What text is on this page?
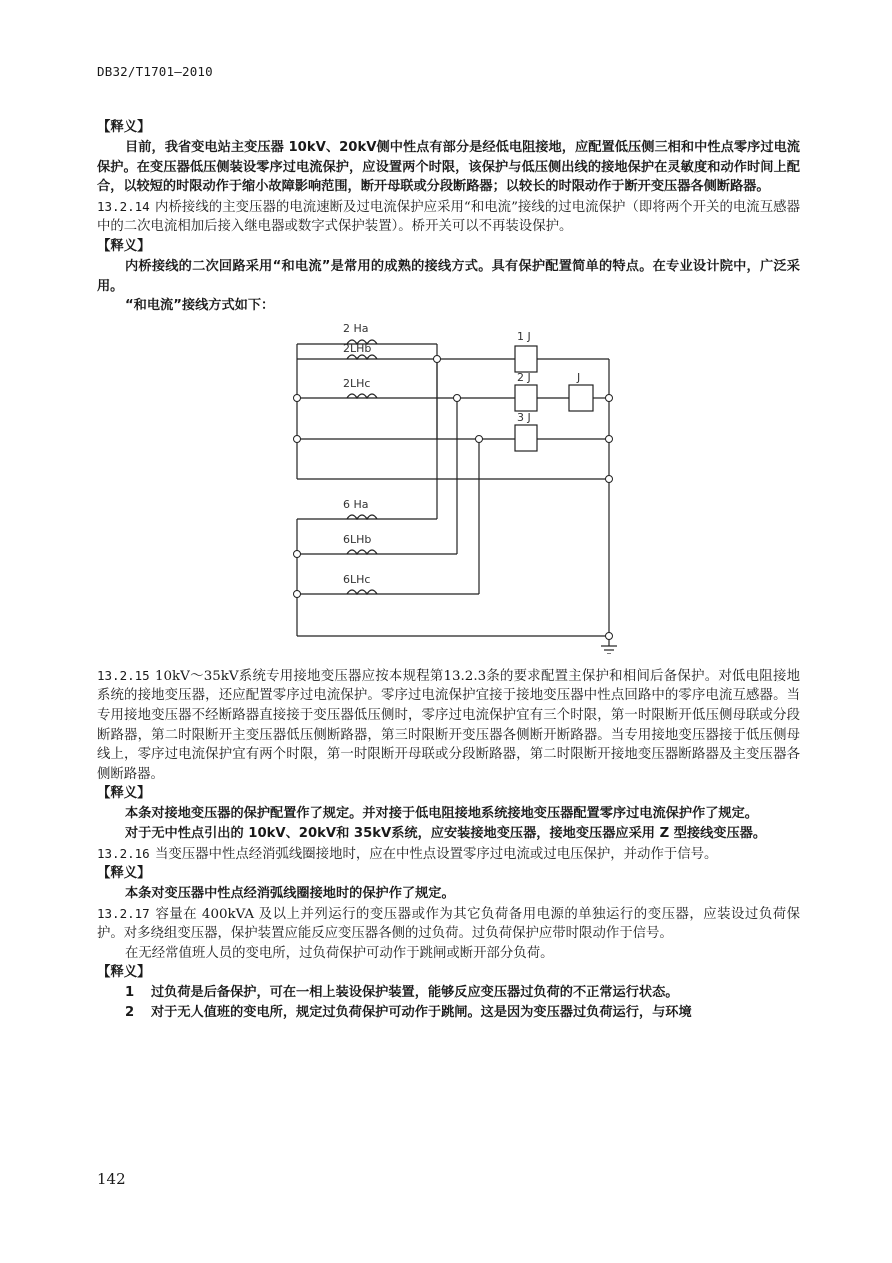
DB32/T1701—2010

【释义】

目前，我省变电站主变压器 10kV、20kV侧中性点有部分是经低电阻接地，应配置低压侧三相和中性点零序过电流保护。在变压器低压侧装设零序过电流保护，应设置两个时限，该保护与低压侧出线的接地保护在灵敏度和动作时间上配合，以较短的时限动作于缩小故障影响范围，断开母联或分段断路器；以较长的时限动作于断开变压器各侧断路器。

13.2.14 内桥接线的主变压器的电流速断及过电流保护应采用“和电流”接线的过电流保护（即将两个开关的电流互感器中的二次电流相加后接入继电器或数字式保护装置）。桥开关可以不再装设保护。

【释义】

内桥接线的二次回路采用“和电流”是常用的成熟的接线方式。具有保护配置简单的特点。在专业设计院中，广泛采用。

“和电流”接线方式如下：

2 Ha
2LHb
2LHc
6 Ha
6LHb
6LHc
1 J
2 J
3 J
J

13.2.15 10kV～35kV系统专用接地变压器应按本规程第13.2.3条的要求配置主保护和相间后备保护。对低电阻接地系统的接地变压器，还应配置零序过电流保护。零序过电流保护宜接于接地变压器中性点回路中的零序电流互感器。当专用接地变压器不经断路器直接接于变压器低压侧时，零序过电流保护宜有三个时限，第一时限断开低压侧母联或分段断路器，第二时限断开主变压器低压侧断路器，第三时限断开变压器各侧断开断路器。当专用接地变压器接于低压侧母线上，零序过电流保护宜有两个时限，第一时限断开母联或分段断路器，第二时限断开接地变压器断路器及主变压器各侧断路器。

【释义】

本条对接地变压器的保护配置作了规定。并对接于低电阻接地系统接地变压器配置零序过电流保护作了规定。

对于无中性点引出的 10kV、20kV和 35kV系统，应安装接地变压器，接地变压器应采用 Z 型接线变压器。

13.2.16 当变压器中性点经消弧线圈接地时，应在中性点设置零序过电流或过电压保护，并动作于信号。

【释义】

本条对变压器中性点经消弧线圈接地时的保护作了规定。

13.2.17 容量在 400kVA 及以上并列运行的变压器或作为其它负荷备用电源的单独运行的变压器，应装设过负荷保护。对多绕组变压器，保护装置应能反应变压器各侧的过负荷。过负荷保护应带时限动作于信号。

在无经常值班人员的变电所，过负荷保护可动作于跳闸或断开部分负荷。

【释义】

1	过负荷是后备保护，可在一相上装设保护装置，能够反应变压器过负荷的不正常运行状态。
2	对于无人值班的变电所，规定过负荷保护可动作于跳闸。这是因为变压器过负荷运行，与环境
142
